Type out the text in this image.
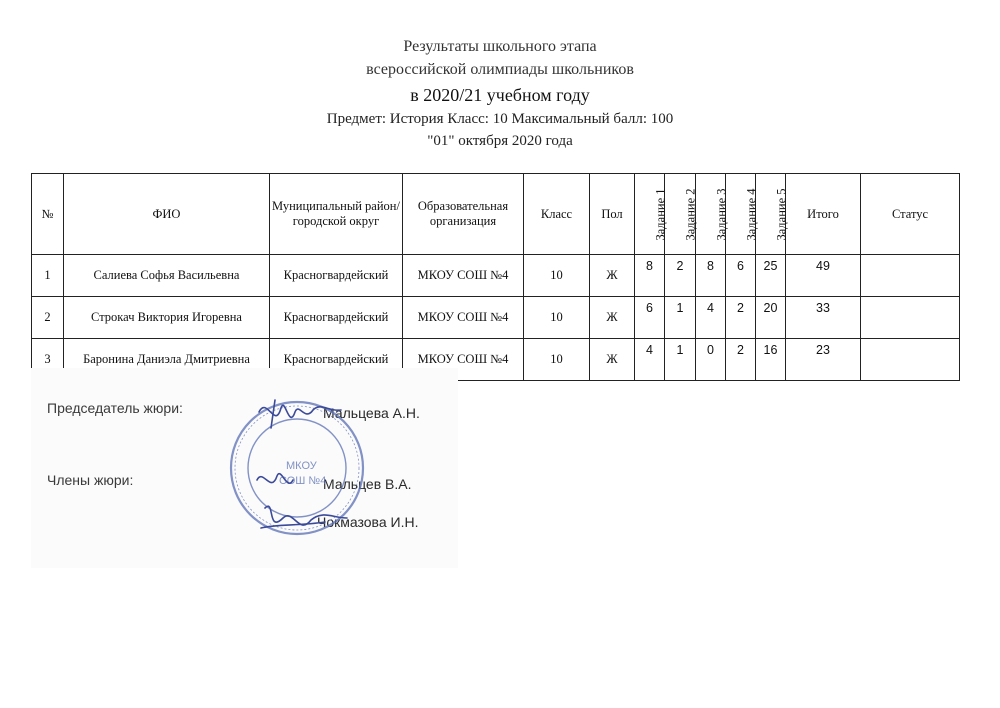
Результаты школьного этапа
всероссийской олимпиады школьников
в 2020/21 учебном году
Предмет: История Класс: 10 Максимальный балл: 100
"01" октября 2020 года
№	ФИО	Муниципальный район/городской округ	Образовательная организация	Класс	Пол	Задание 1	Задание 2	Задание 3	Задание 4	Задание 5	Итого	Статус
1	Салиева Софья Васильевна	Красногвардейский	МКОУ СОШ №4	10	Ж	8	2	8	6	25	49	
2	Строкач Виктория Игоревна	Красногвардейский	МКОУ СОШ №4	10	Ж	6	1	4	2	20	33	
3	Баронина Даниэла Дмитриевна	Красногвардейский	МКОУ СОШ №4	10	Ж	4	1	0	2	16	23	
Председатель жюри:
Члены жюри:
Мальцева А.Н.
Мальцев В.А.
Чокмазова И.Н.
МКОУ
СОШ №4
